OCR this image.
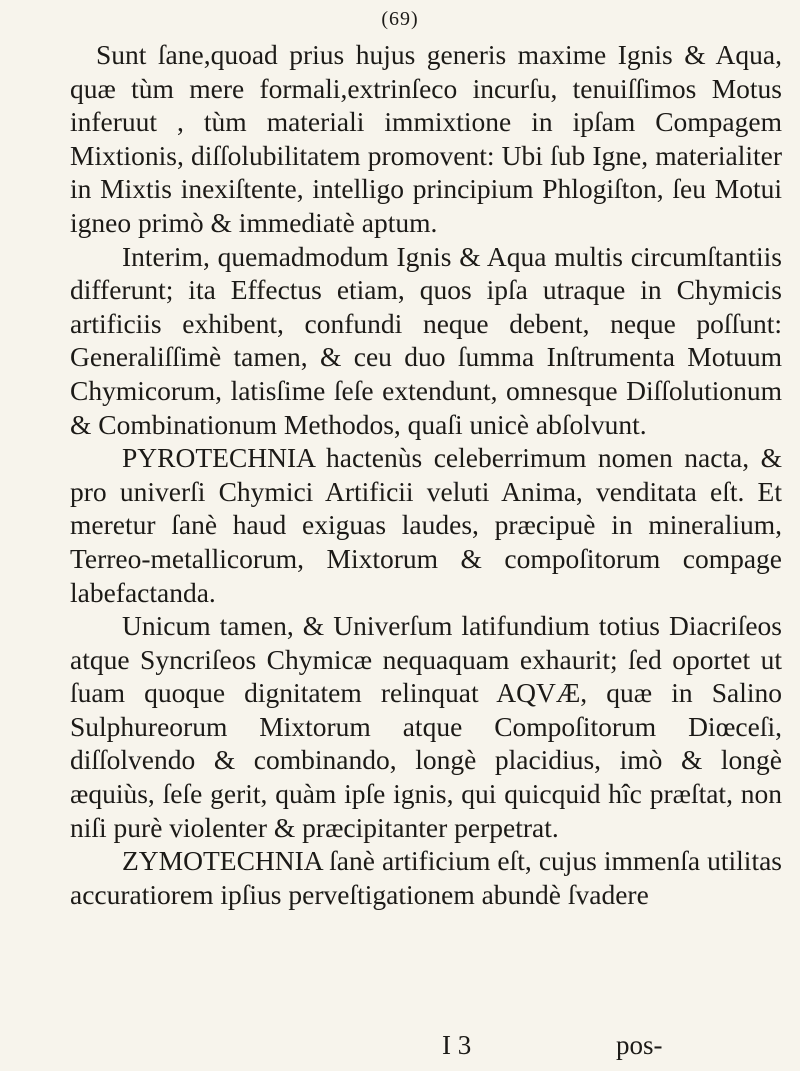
(69)

Sunt ſane,quoad prius hujus generis maxime Ignis & Aqua, quæ tùm mere formali,extrinſeco incurſu, tenuiſſimos Motus inferuut , tùm materiali immixtione in ipſam Compagem Mixtionis, diſſolubilitatem promovent: Ubi ſub Igne, materialiter in Mixtis inexiſtente, intelligo principium Phlogiſton, ſeu Motui igneo primò & immediatè aptum.

Interim, quemadmodum Ignis & Aqua multis circumſtantiis differunt; ita Effectus etiam, quos ipſa utraque in Chymicis artificiis exhibent, confundi neque debent, neque poſſunt: Generaliſſimè tamen, & ceu duo ſumma Inſtrumenta Motuum Chymicorum, latisſime ſeſe extendunt, omnesque Diſſolutionum & Combinationum Methodos, quaſi unicè abſolvunt.

PYROTECHNIA hactenùs celeberrimum nomen nacta, & pro univerſi Chymici Artificii veluti Anima, venditata eſt. Et meretur ſanè haud exiguas laudes, præcipuè in mineralium, Terreo-metallicorum, Mixtorum & compoſitorum compage labefactanda.

Unicum tamen, & Univerſum latifundium totius Diacriſeos atque Syncriſeos Chymicæ nequaquam exhaurit; ſed oportet ut ſuam quoque dignitatem relinquat AQVÆ, quæ in Salino Sulphureorum Mixtorum atque Compoſitorum Diœceſi, diſſolvendo & combinando, longè placidius, imò & longè æquiùs, ſeſe gerit, quàm ipſe ignis, qui quicquid hîc præſtat, non niſi purè violenter & præcipitanter perpetrat.

ZYMOTECHNIA ſanè artificium eſt, cujus immenſa utilitas accuratiorem ipſius perveſtigationem abundè ſvadere

I 3	pos-
